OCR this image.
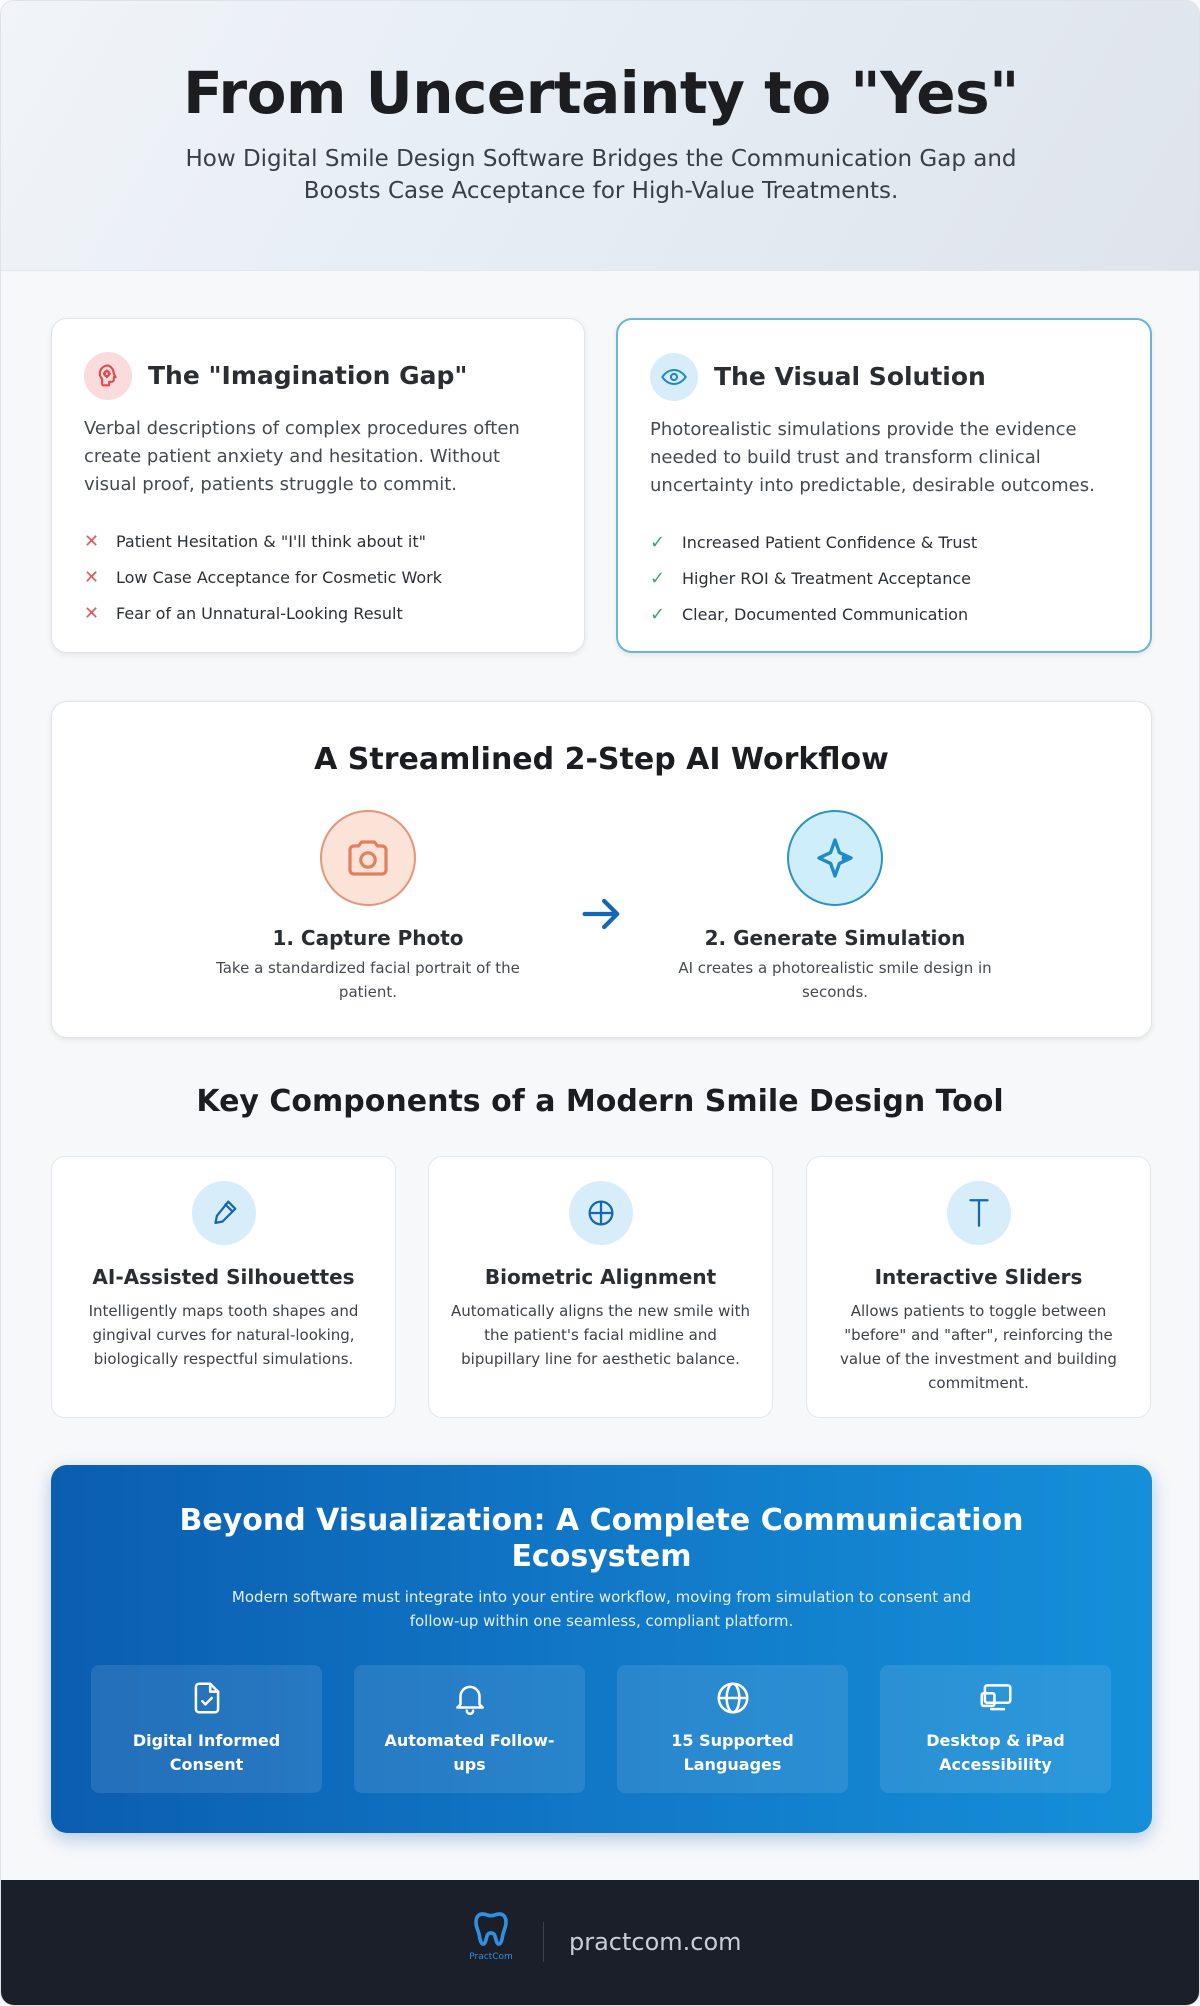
From Uncertainty to "Yes"
How Digital Smile Design Software Bridges the Communication Gap and Boosts Case Acceptance for High-Value Treatments.
The "Imagination Gap"
Verbal descriptions of complex procedures often create patient anxiety and hesitation. Without visual proof, patients struggle to commit.
✕	Patient Hesitation & "I'll think about it"
✕	Low Case Acceptance for Cosmetic Work
✕	Fear of an Unnatural-Looking Result
The Visual Solution
Photorealistic simulations provide the evidence needed to build trust and transform clinical uncertainty into predictable, desirable outcomes.
✓	Increased Patient Confidence & Trust
✓	Higher ROI & Treatment Acceptance
✓	Clear, Documented Communication
A Streamlined 2-Step AI Workflow
1. Capture Photo
Take a standardized facial portrait of the patient.
2. Generate Simulation
AI creates a photorealistic smile design in seconds.
Key Components of a Modern Smile Design Tool
AI-Assisted Silhouettes
Intelligently maps tooth shapes and gingival curves for natural-looking, biologically respectful simulations.
Biometric Alignment
Automatically aligns the new smile with the patient's facial midline and bipupillary line for aesthetic balance.
Interactive Sliders
Allows patients to toggle between "before" and "after", reinforcing the value of the investment and building commitment.
Beyond Visualization: A Complete Communication Ecosystem
Modern software must integrate into your entire workflow, moving from simulation to consent and follow-up within one seamless, compliant platform.
Digital Informed Consent
Automated Follow-ups
15 Supported Languages
Desktop & iPad Accessibility
PractCom
practcom.com
